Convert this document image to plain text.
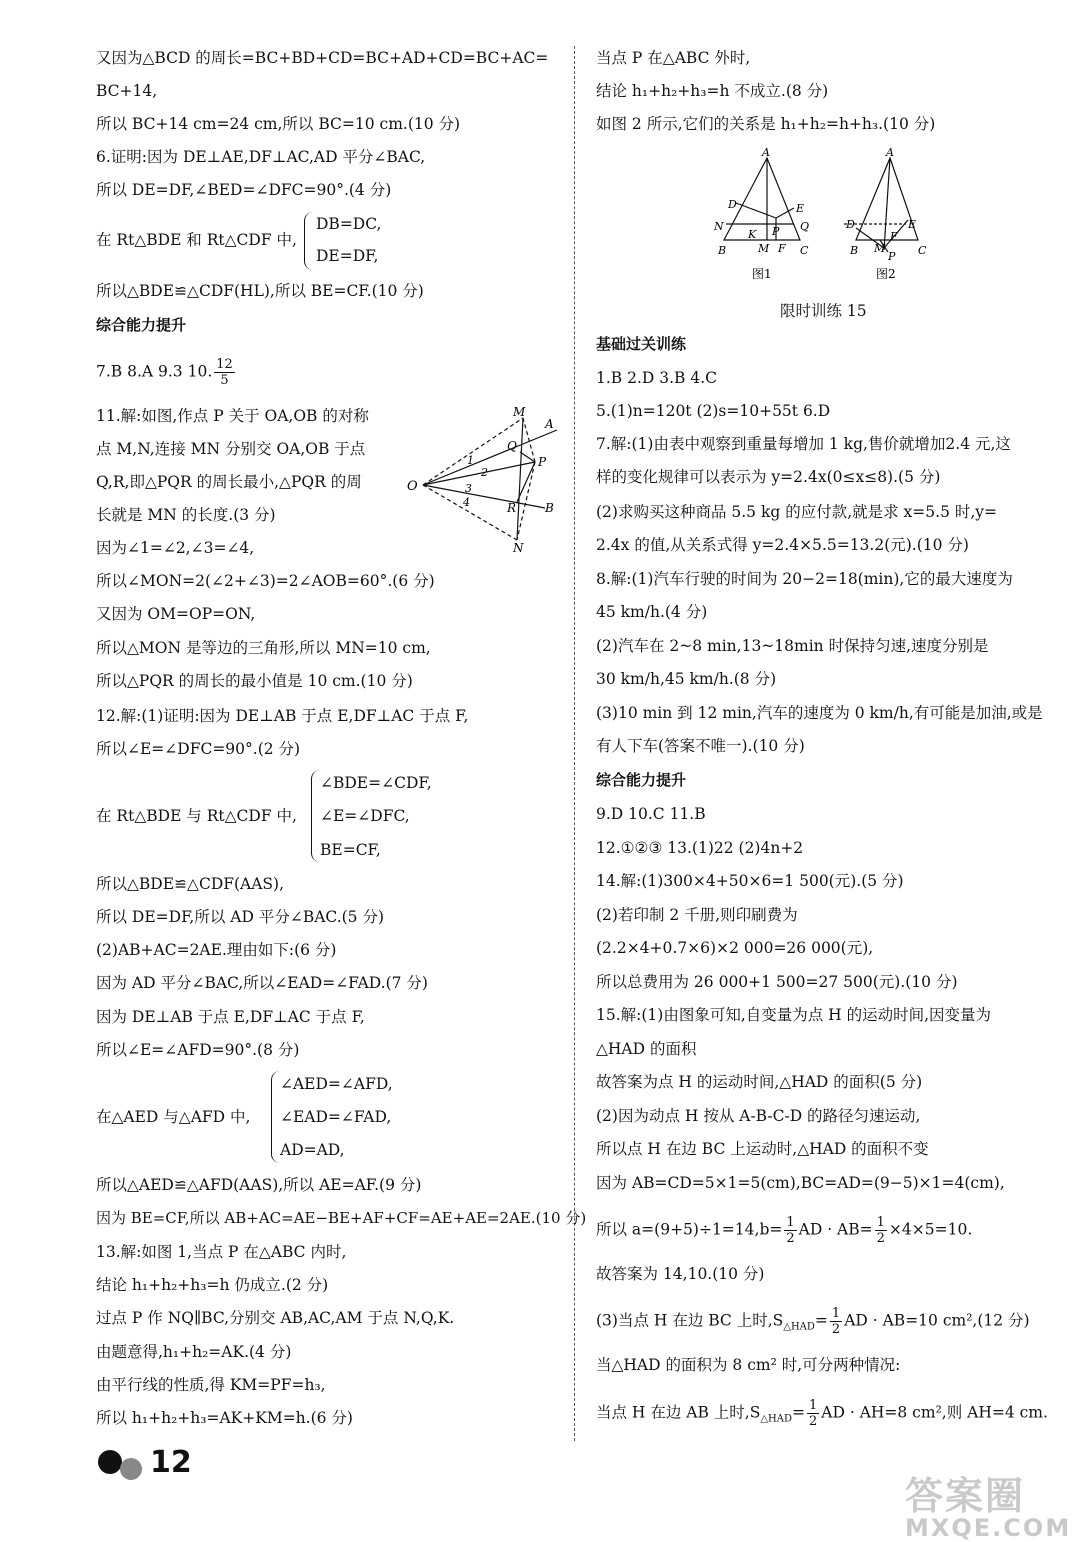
又因为△BCD 的周长=BC+BD+CD=BC+AD+CD=BC+AC=
BC+14,
所以 BC+14 cm=24 cm,所以 BC=10 cm.(10 分)
6.证明:因为 DE⊥AE,DF⊥AC,AD 平分∠BAC,
所以 DE=DF,∠BED=∠DFC=90°.(4 分)
在 Rt△BDE 和 Rt△CDF 中,
DB=DC,
DE=DF,
所以△BDE≌△CDF(HL),所以 BE=CF.(10 分)
综合能力提升
7.B 8.A 9.3 10. $\frac{12}{5}$
11.解:如图,作点 P 关于 OA,OB 的对称
点 M,N,连接 MN 分别交 OA,OB 于点
Q,R,即△PQR 的周长最小,△PQR 的周
长就是 MN 的长度.(3 分)
因为∠1=∠2,∠3=∠4,
所以∠MON=2(∠2+∠3)=2∠AOB=60°.(6 分)
又因为 OM=OP=ON,
所以△MON 是等边的三角形,所以 MN=10 cm,
所以△PQR 的周长的最小值是 10 cm.(10 分)
12.解:(1)证明:因为 DE⊥AB 于点 E,DF⊥AC 于点 F,
所以∠E=∠DFC=90°.(2 分)
∠BDE=∠CDF,
在 Rt△BDE 与 Rt△CDF 中, ∠E=∠DFC,
BE=CF,
所以△BDE≌△CDF(AAS),
所以 DE=DF,所以 AD 平分∠BAC.(5 分)
(2)AB+AC=2AE.理由如下:(6 分)
因为 AD 平分∠BAC,所以∠EAD=∠FAD.(7 分)
因为 DE⊥AB 于点 E,DF⊥AC 于点 F,
所以∠E=∠AFD=90°.(8 分)
∠AED=∠AFD,
在△AED 与△AFD 中, ∠EAD=∠FAD,
AD=AD,
所以△AED≌△AFD(AAS),所以 AE=AF.(9 分)
因为 BE=CF,所以 AB+AC=AE−BE+AF+CF=AE+AE=2AE.(10 分)
13.解:如图 1,当点 P 在△ABC 内时,
结论 h₁+h₂+h₃=h 仍成立.(2 分)
过点 P 作 NQ∥BC,分别交 AB,AC,AM 于点 N,Q,K.
由题意得,h₁+h₂=AK.(4 分)
由平行线的性质,得 KM=PF=h₃,
所以 h₁+h₂+h₃=AK+KM=h.(6 分)
O
A
B
M
N
P
Q
R
1
2
3
4
当点 P 在△ABC 外时,
结论 h₁+h₂+h₃=h 不成立.(8 分)
如图 2 所示,它们的关系是 h₁+h₂=h+h₃.(10 分)
限时训练 15
基础过关训练
1.B 2.D 3.B 4.C
5.(1)n=120t (2)s=10+55t 6.D
7.解:(1)由表中观察到重量每增加 1 kg,售价就增加2.4 元,这
样的变化规律可以表示为 y=2.4x(0≤x≤8).(5 分)
(2)求购买这种商品 5.5 kg 的应付款,就是求 x=5.5 时,y=
2.4x 的值,从关系式得 y=2.4×5.5=13.2(元).(10 分)
8.解:(1)汽车行驶的时间为 20−2=18(min),它的最大速度为
45 km/h.(4 分)
(2)汽车在 2~8 min,13~18min 时保持匀速,速度分别是
30 km/h,45 km/h.(8 分)
(3)10 min 到 12 min,汽车的速度为 0 km/h,有可能是加油,或是
有人下车(答案不唯一).(10 分)
综合能力提升
9.D 10.C 11.B
12.①②③ 13.(1)22 (2)4n+2
14.解:(1)300×4+50×6=1 500(元).(5 分)
(2)若印制 2 千册,则印刷费为
(2.2×4+0.7×6)×2 000=26 000(元),
所以总费用为 26 000+1 500=27 500(元).(10 分)
15.解:(1)由图象可知,自变量为点 H 的运动时间,因变量为
△HAD 的面积
故答案为点 H 的运动时间,△HAD 的面积(5 分)
(2)因为动点 H 按从 A-B-C-D 的路径匀速运动,
所以点 H 在边 BC 上运动时,△HAD 的面积不变
因为 AB=CD=5×1=5(cm),BC=AD=(9−5)×1=4(cm),
所以 $a=(9+5)\div 1=14,b= \frac{1}{2}$ AD · $AB= \frac{1}{2} \times 4\times 5=10$.
故答案为 14,10.(10 分)
(3)当点 H 在边 BC 上时$,S_{\triangle HAD}= \frac{1}{2}$ AD · AB=10 cm²,(12 分)
当△HAD 的面积为 8 cm² 时,可分两种情况:
当点 H 在边 AB 上时$,S_{\triangle HAD}= \frac{1}{2}$ AD · AH=8 cm²,则 AH=4 cm.
A
D	E
N	Q
K P
B	M F C
图1
A
D	E
B M
F
P C
图2
12
答案圈
MXQE.COM
